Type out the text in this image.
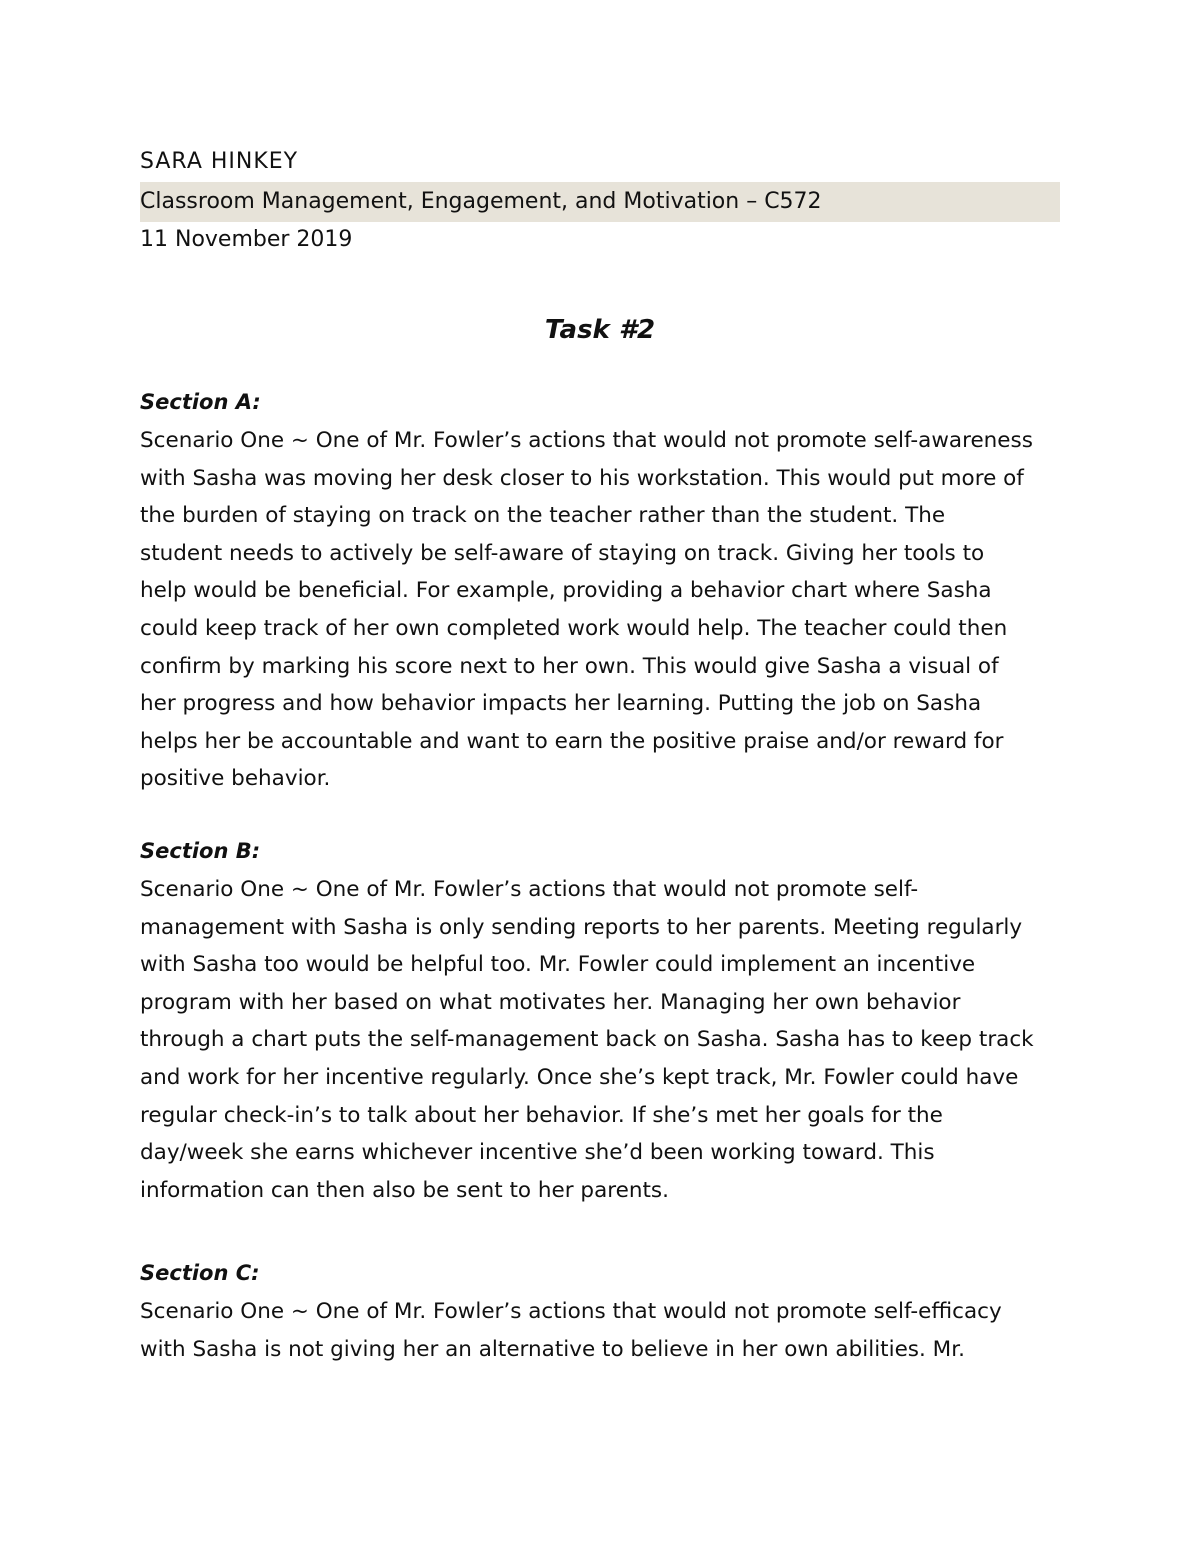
SARA HINKEY
Classroom Management, Engagement, and Motivation – C572
11 November 2019
Task #2
Section A:
Scenario One ~ One of Mr. Fowler’s actions that would not promote self-awareness
with Sasha was moving her desk closer to his workstation. This would put more of
the burden of staying on track on the teacher rather than the student. The
student needs to actively be self-aware of staying on track. Giving her tools to
help would be beneficial. For example, providing a behavior chart where Sasha
could keep track of her own completed work would help. The teacher could then
confirm by marking his score next to her own. This would give Sasha a visual of
her progress and how behavior impacts her learning. Putting the job on Sasha
helps her be accountable and want to earn the positive praise and/or reward for
positive behavior.
Section B:
Scenario One ~ One of Mr. Fowler’s actions that would not promote self-
management with Sasha is only sending reports to her parents. Meeting regularly
with Sasha too would be helpful too. Mr. Fowler could implement an incentive
program with her based on what motivates her. Managing her own behavior
through a chart puts the self-management back on Sasha. Sasha has to keep track
and work for her incentive regularly. Once she’s kept track, Mr. Fowler could have
regular check-in’s to talk about her behavior. If she’s met her goals for the
day/week she earns whichever incentive she’d been working toward. This
information can then also be sent to her parents.
Section C:
Scenario One ~ One of Mr. Fowler’s actions that would not promote self-efficacy
with Sasha is not giving her an alternative to believe in her own abilities. Mr.
